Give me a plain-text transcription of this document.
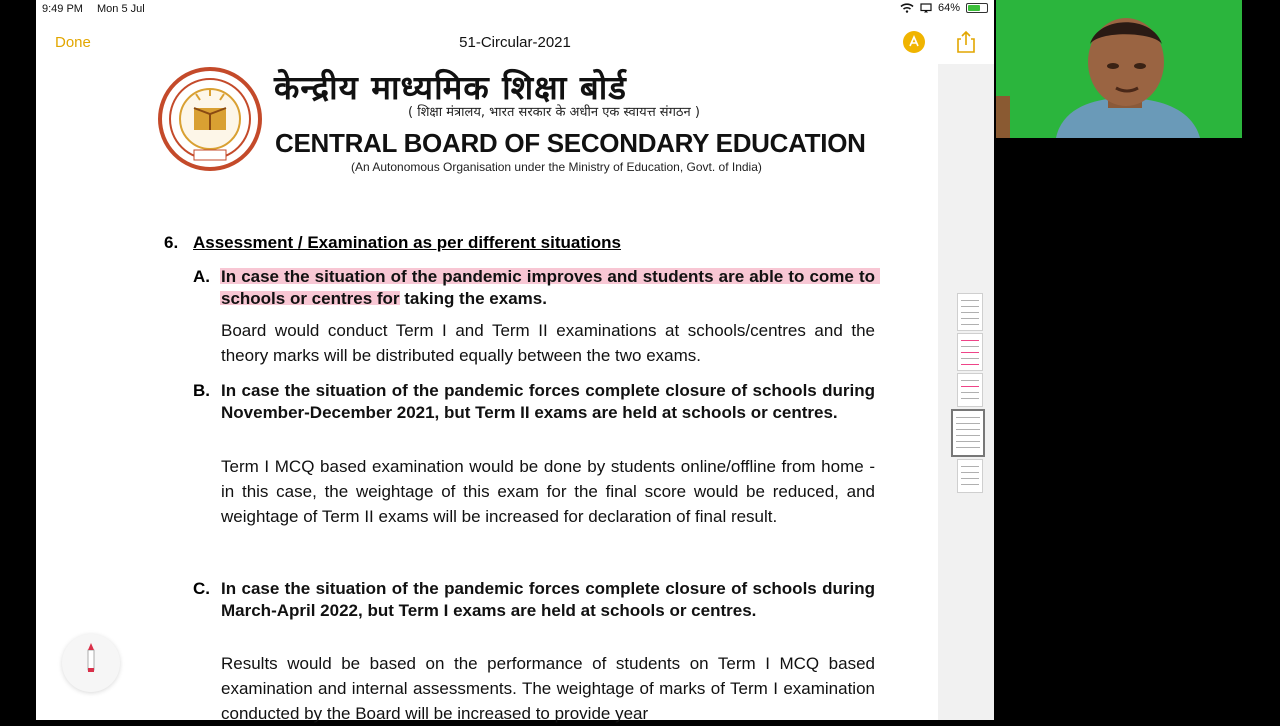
9:49 PM Mon 5 Jul	64%
Done	51-Circular-2021
केन्द्रीय माध्यमिक शिक्षा बोर्ड
( शिक्षा मंत्रालय, भारत सरकार के अधीन एक स्वायत्त संगठन )
CENTRAL BOARD OF SECONDARY EDUCATION
(An Autonomous Organisation under the Ministry of Education, Govt. of India)
6. Assessment / Examination as per different situations
A. In case the situation of the pandemic improves and students are able to come to schools or centres for taking the exams.
Board would conduct Term I and Term II examinations at schools/centres and the theory marks will be distributed equally between the two exams.
B. In case the situation of the pandemic forces complete closure of schools during November-December 2021, but Term II exams are held at schools or centres.
Term I MCQ based examination would be done by students online/offline from home - in this case, the weightage of this exam for the final score would be reduced, and weightage of Term II exams will be increased for declaration of final result.
C. In case the situation of the pandemic forces complete closure of schools during March-April 2022, but Term I exams are held at schools or centres.
Results would be based on the performance of students on Term I MCQ based examination and internal assessments. The weightage of marks of Term I examination conducted by the Board will be increased to provide year
